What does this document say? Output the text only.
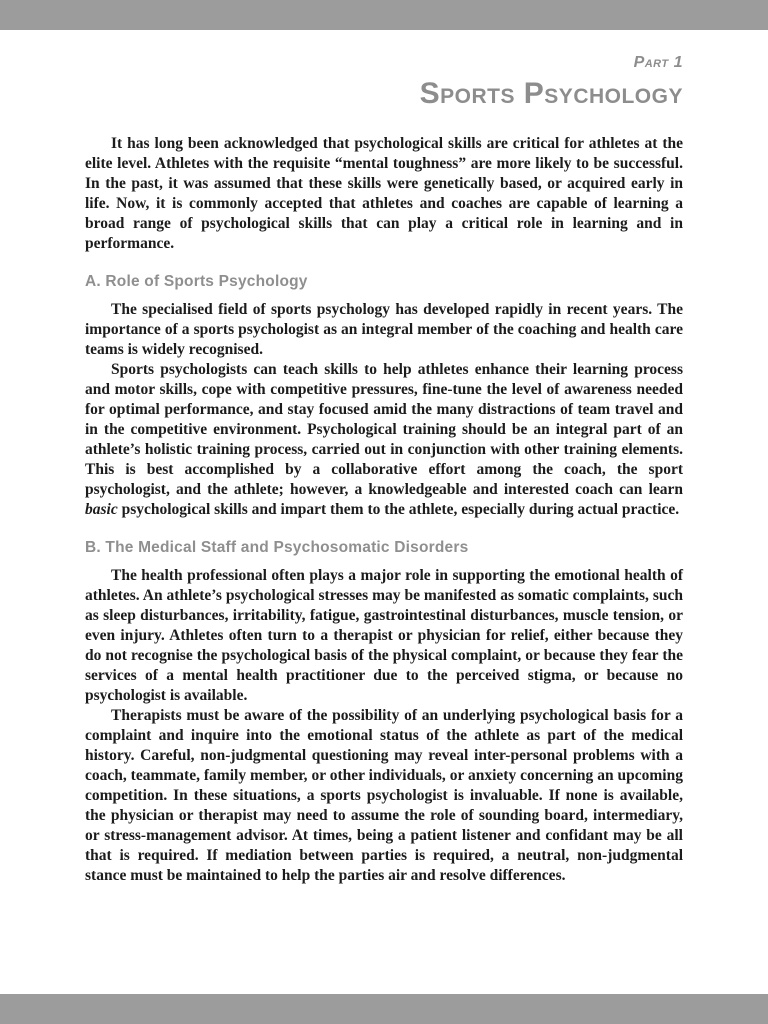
Part 1
Sports Psychology

It has long been acknowledged that psychological skills are critical for athletes at the elite level. Athletes with the requisite “mental toughness” are more likely to be successful. In the past, it was assumed that these skills were genetically based, or acquired early in life. Now, it is commonly accepted that athletes and coaches are capable of learning a broad range of psychological skills that can play a critical role in learning and in performance.

A. Role of Sports Psychology

The specialised field of sports psychology has developed rapidly in recent years. The importance of a sports psychologist as an integral member of the coaching and health care teams is widely recognised.

Sports psychologists can teach skills to help athletes enhance their learning process and motor skills, cope with competitive pressures, fine-tune the level of awareness needed for optimal performance, and stay focused amid the many distractions of team travel and in the competitive environment. Psychological training should be an integral part of an athlete’s holistic training process, carried out in conjunction with other training elements. This is best accomplished by a collaborative effort among the coach, the sport psychologist, and the athlete; however, a knowledgeable and interested coach can learn basic psychological skills and impart them to the athlete, especially during actual practice.

B. The Medical Staff and Psychosomatic Disorders

The health professional often plays a major role in supporting the emotional health of athletes. An athlete’s psychological stresses may be manifested as somatic complaints, such as sleep disturbances, irritability, fatigue, gastrointestinal disturbances, muscle tension, or even injury. Athletes often turn to a therapist or physician for relief, either because they do not recognise the psychological basis of the physical complaint, or because they fear the services of a mental health practitioner due to the perceived stigma, or because no psychologist is available.

Therapists must be aware of the possibility of an underlying psychological basis for a complaint and inquire into the emotional status of the athlete as part of the medical history. Careful, non-judgmental questioning may reveal inter-personal problems with a coach, teammate, family member, or other individuals, or anxiety concerning an upcoming competition. In these situations, a sports psychologist is invaluable. If none is available, the physician or therapist may need to assume the role of sounding board, intermediary, or stress-management advisor. At times, being a patient listener and confidant may be all that is required. If mediation between parties is required, a neutral, non-judgmental stance must be maintained to help the parties air and resolve differences.
